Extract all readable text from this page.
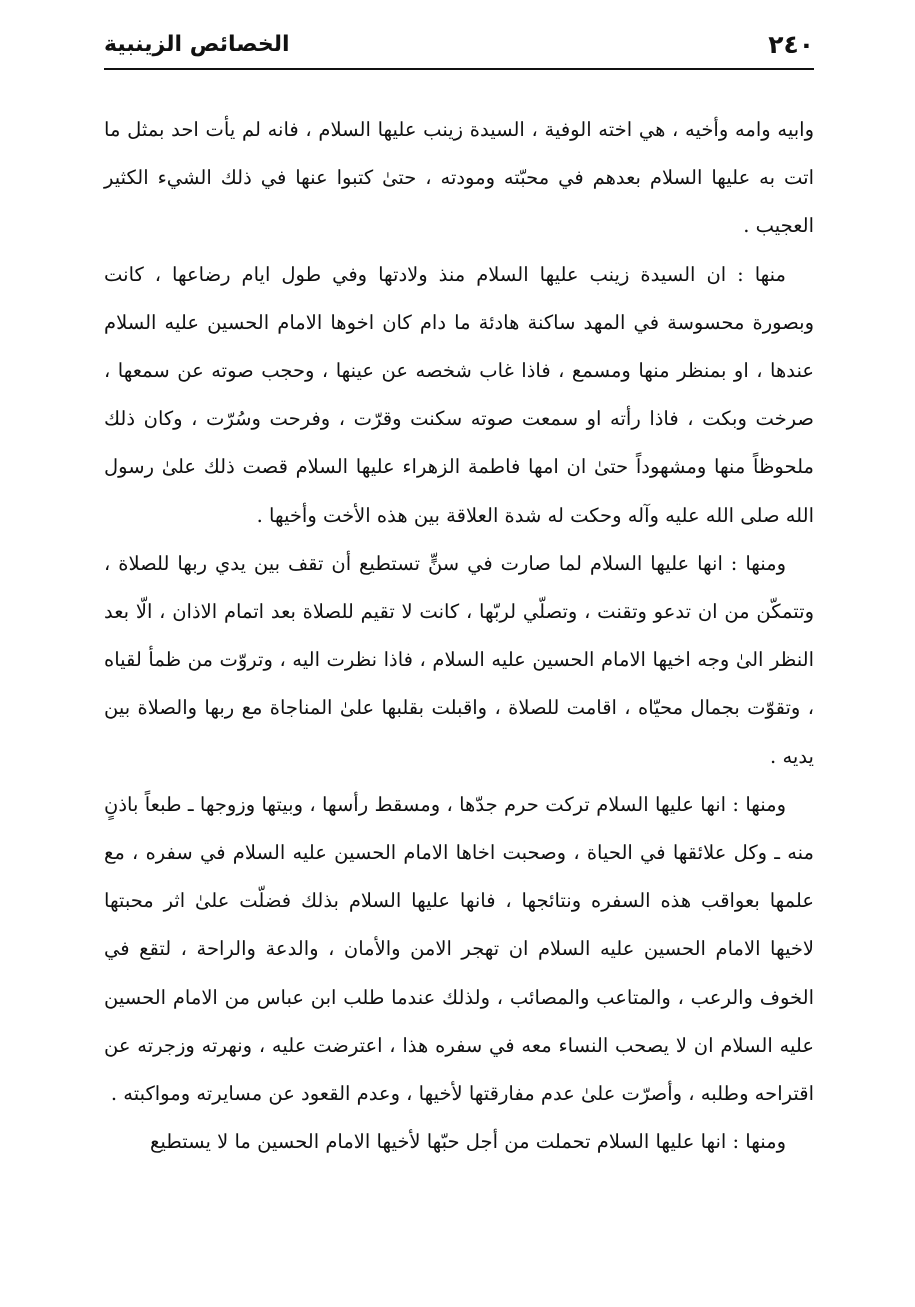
٢٤٠
الخصائص الزينبية

وابيه وامه وأخيه ، هي اخته الوفية ، السيدة زينب عليها السلام ، فانه لم يأت احد بمثل ما اتت به عليها السلام بعدهم في محبّته ومودته ، حتىٰ كتبوا عنها في ذلك الشيء الكثير العجيب .

منها : ان السيدة زينب عليها السلام منذ ولادتها وفي طول ايام رضاعها ، كانت وبصورة محسوسة في المهد ساكنة هادئة ما دام كان اخوها الامام الحسين عليه السلام عندها ، او بمنظر منها ومسمع ، فاذا غاب شخصه عن عينها ، وحجب صوته عن سمعها ، صرخت وبكت ، فاذا رأته او سمعت صوته سكنت وقرّت ، وفرحت وسُرّت ، وكان ذلك ملحوظاً منها ومشهوداً حتىٰ ان امها فاطمة الزهراء عليها السلام قصت ذلك علىٰ رسول الله صلى الله عليه وآله وحكت له شدة العلاقة بين هذه الأخت وأخيها .

ومنها : انها عليها السلام لما صارت في سنٍّ تستطيع أن تقف بين يدي ربها للصلاة ، وتتمكّن من ان تدعو وتقنت ، وتصلّي لربّها ، كانت لا تقيم للصلاة بعد اتمام الاذان ، الّا بعد النظر الىٰ وجه اخيها الامام الحسين عليه السلام ، فاذا نظرت اليه ، وتروّت من ظمأ لقياه ، وتقوّت بجمال محيّاه ، اقامت للصلاة ، واقبلت بقلبها علىٰ المناجاة مع ربها والصلاة بين يديه .

ومنها : انها عليها السلام تركت حرم جدّها ، ومسقط رأسها ، وبيتها وزوجها ـ طبعاً باذنٍ منه ـ وكل علائقها في الحياة ، وصحبت اخاها الامام الحسين عليه السلام في سفره ، مع علمها بعواقب هذه السفره ونتائجها ، فانها عليها السلام بذلك فضلّت علىٰ اثر محبتها لاخيها الامام الحسين عليه السلام ان تهجر الامن والأمان ، والدعة والراحة ، لتقع في الخوف والرعب ، والمتاعب والمصائب ، ولذلك عندما طلب ابن عباس من الامام الحسين عليه السلام ان لا يصحب النساء معه في سفره هذا ، اعترضت عليه ، ونهرته وزجرته عن اقتراحه وطلبه ، وأصرّت علىٰ عدم مفارقتها لأخيها ، وعدم القعود عن مسايرته ومواكبته .

ومنها : انها عليها السلام تحملت من أجل حبّها لأخيها الامام الحسين ما لا يستطيع
